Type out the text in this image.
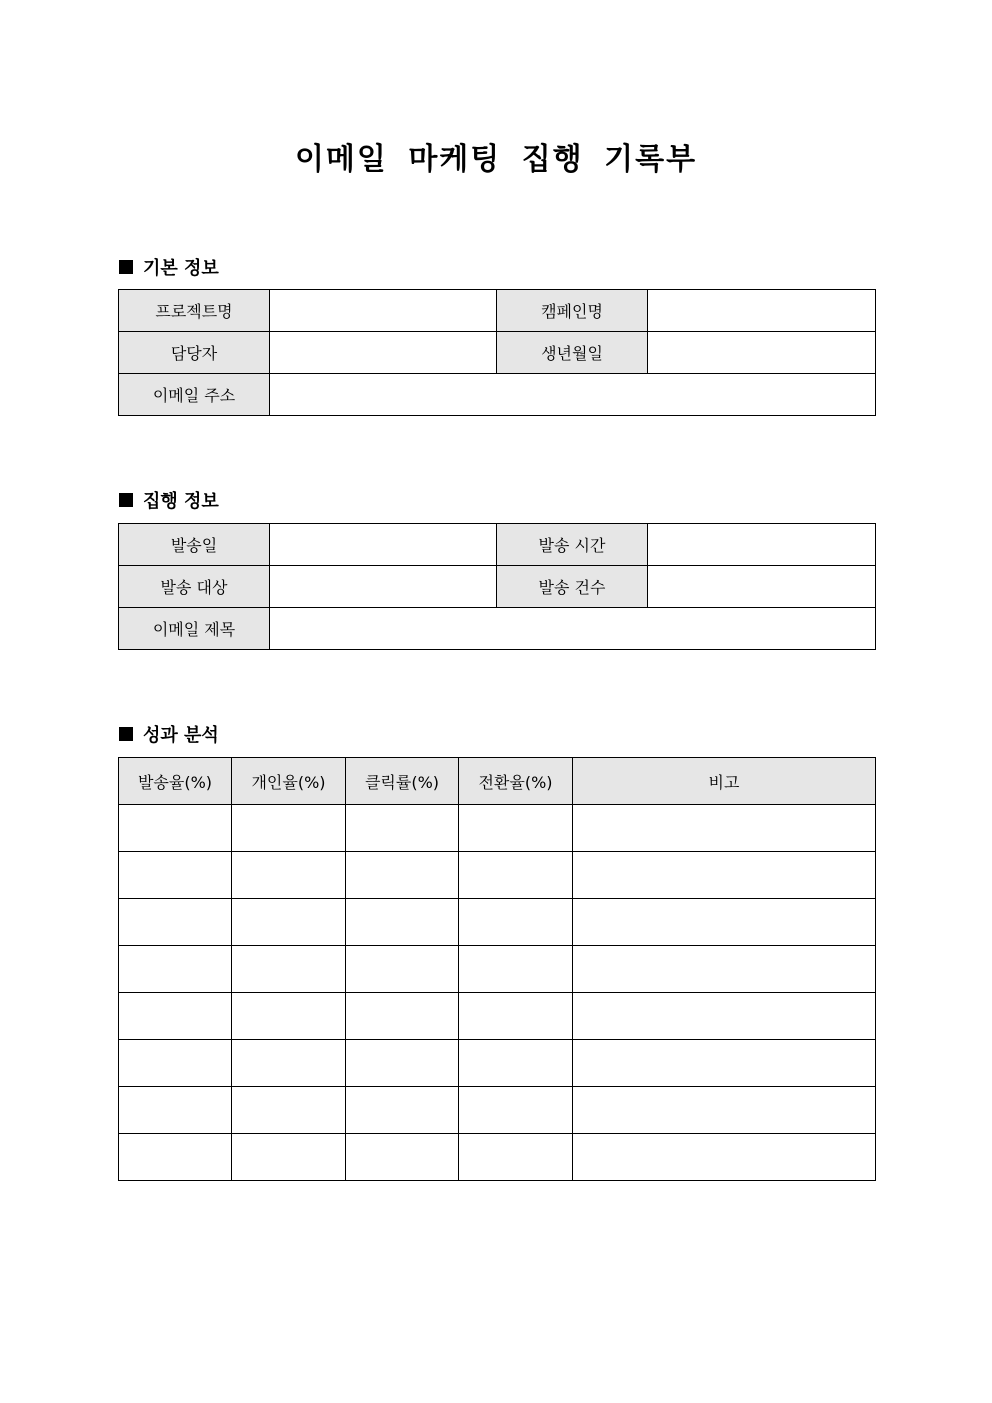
이메일 마케팅 집행 기록부
기본 정보
프로젝트명		캠페인명	
담당자		생년월일	
이메일 주소			
집행 정보
발송일		발송 시간	
발송 대상		발송 건수	
이메일 제목			
성과 분석
발송율(%)	개인율(%)	클릭률(%)	전환율(%)	비고
